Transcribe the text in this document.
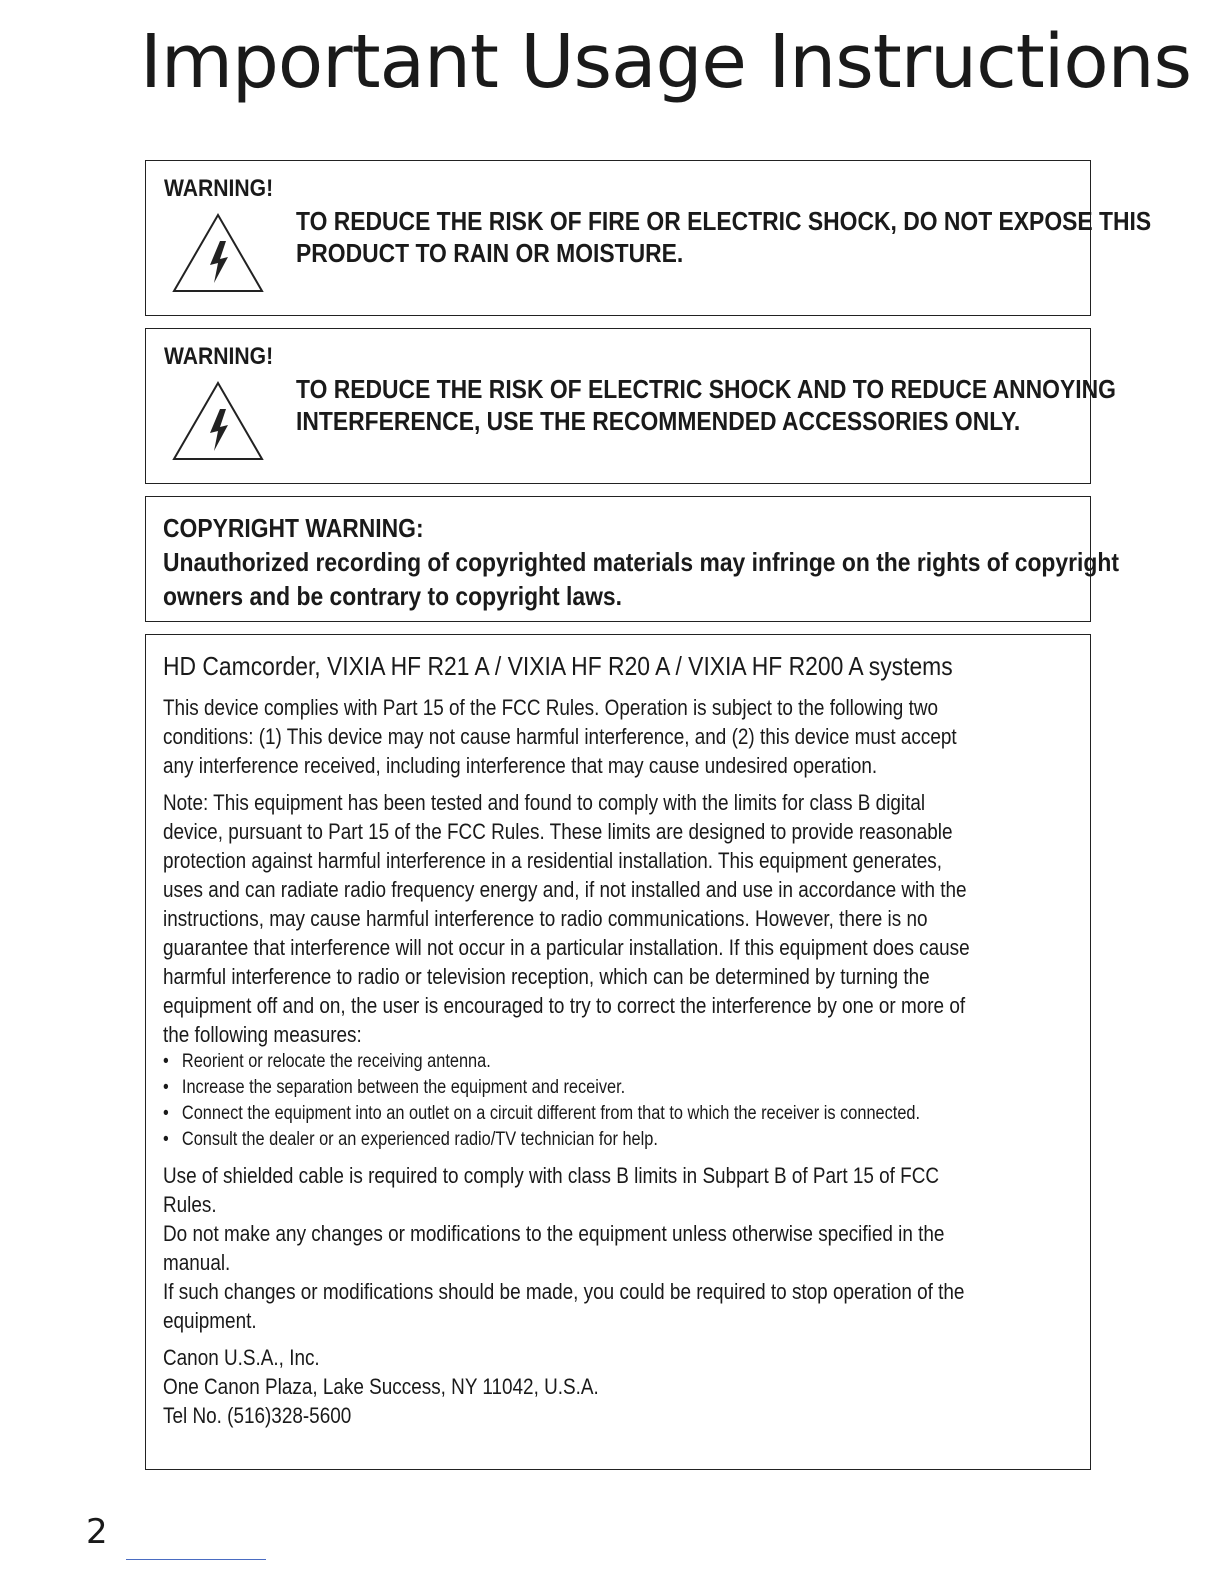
Important Usage Instructions
WARNING!
TO REDUCE THE RISK OF FIRE OR ELECTRIC SHOCK, DO NOT EXPOSE THIS
PRODUCT TO RAIN OR MOISTURE.
WARNING!
TO REDUCE THE RISK OF ELECTRIC SHOCK AND TO REDUCE ANNOYING
INTERFERENCE, USE THE RECOMMENDED ACCESSORIES ONLY.
COPYRIGHT WARNING:
Unauthorized recording of copyrighted materials may infringe on the rights of copyright
owners and be contrary to copyright laws.
HD Camcorder, VIXIA HF R21 A / VIXIA HF R20 A / VIXIA HF R200 A systems
This device complies with Part 15 of the FCC Rules. Operation is subject to the following two
conditions: (1) This device may not cause harmful interference, and (2) this device must accept
any interference received, including interference that may cause undesired operation.
Note: This equipment has been tested and found to comply with the limits for class B digital
device, pursuant to Part 15 of the FCC Rules. These limits are designed to provide reasonable
protection against harmful interference in a residential installation. This equipment generates,
uses and can radiate radio frequency energy and, if not installed and use in accordance with the
instructions, may cause harmful interference to radio communications. However, there is no
guarantee that interference will not occur in a particular installation. If this equipment does cause
harmful interference to radio or television reception, which can be determined by turning the
equipment off and on, the user is encouraged to try to correct the interference by one or more of
the following measures:
• Reorient or relocate the receiving antenna.
• Increase the separation between the equipment and receiver.
• Connect the equipment into an outlet on a circuit different from that to which the receiver is connected.
• Consult the dealer or an experienced radio/TV technician for help.
Use of shielded cable is required to comply with class B limits in Subpart B of Part 15 of FCC
Rules.
Do not make any changes or modifications to the equipment unless otherwise specified in the
manual.
If such changes or modifications should be made, you could be required to stop operation of the
equipment.
Canon U.S.A., Inc.
One Canon Plaza, Lake Success, NY 11042, U.S.A.
Tel No. (516)328-5600
2
